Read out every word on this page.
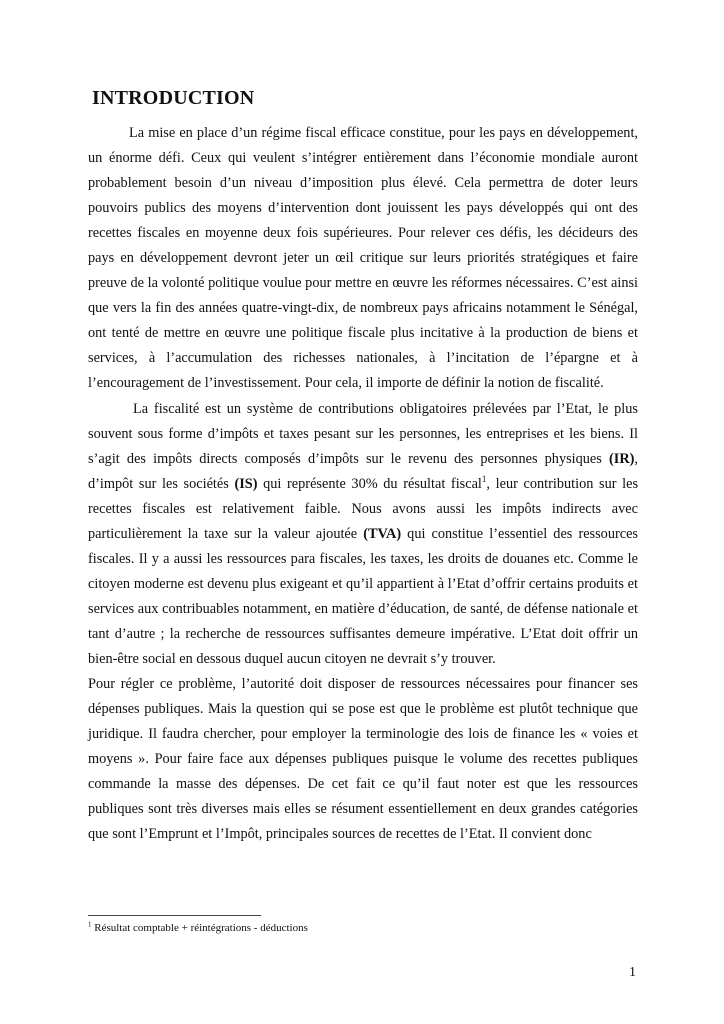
INTRODUCTION

La mise en place d’un régime fiscal efficace constitue, pour les pays en développement, un énorme défi. Ceux qui veulent s’intégrer entièrement dans l’économie mondiale auront probablement besoin d’un niveau d’imposition plus élevé. Cela permettra de doter leurs pouvoirs publics des moyens d’intervention dont jouissent les pays développés qui ont des recettes fiscales en moyenne deux fois supérieures. Pour relever ces défis, les décideurs des pays en développement devront jeter un œil critique sur leurs priorités stratégiques et faire preuve de la volonté politique voulue pour mettre en œuvre les réformes nécessaires. C’est ainsi que vers la fin des années quatre-vingt-dix, de nombreux pays africains notamment le Sénégal, ont tenté de mettre en œuvre une politique fiscale plus incitative à la production de biens et services, à l’accumulation des richesses nationales, à l’incitation de l’épargne et à l’encouragement de l’investissement. Pour cela, il importe de définir la notion de fiscalité.

La fiscalité est un système de contributions obligatoires prélevées par l’Etat, le plus souvent sous forme d’impôts et taxes pesant sur les personnes, les entreprises et les biens. Il s’agit des impôts directs composés d’impôts sur le revenu des personnes physiques (IR), d’impôt sur les sociétés (IS) qui représente 30% du résultat fiscal$^1$, leur contribution sur les recettes fiscales est relativement faible. Nous avons aussi les impôts indirects avec particulièrement la taxe sur la valeur ajoutée (TVA) qui constitue l’essentiel des ressources fiscales. Il y a aussi les ressources para fiscales, les taxes, les droits de douanes etc. Comme le citoyen moderne est devenu plus exigeant et qu’il appartient à l’Etat d’offrir certains produits et services aux contribuables notamment, en matière d’éducation, de santé, de défense nationale et tant d’autre ; la recherche de ressources suffisantes demeure impérative. L’Etat doit offrir un bien-être social en dessous duquel aucun citoyen ne devrait s’y trouver.

Pour régler ce problème, l’autorité doit disposer de ressources nécessaires pour financer ses dépenses publiques. Mais la question qui se pose est que le problème est plutôt technique que juridique. Il faudra chercher, pour employer la terminologie des lois de finance les « voies et moyens ». Pour faire face aux dépenses publiques puisque le volume des recettes publiques commande la masse des dépenses. De cet fait ce qu’il faut noter est que les ressources publiques sont très diverses mais elles se résument essentiellement en deux grandes catégories que sont l’Emprunt et l’Impôt, principales sources de recettes de l’Etat. Il convient donc

$^1$ Résultat comptable + réintégrations - déductions

1
